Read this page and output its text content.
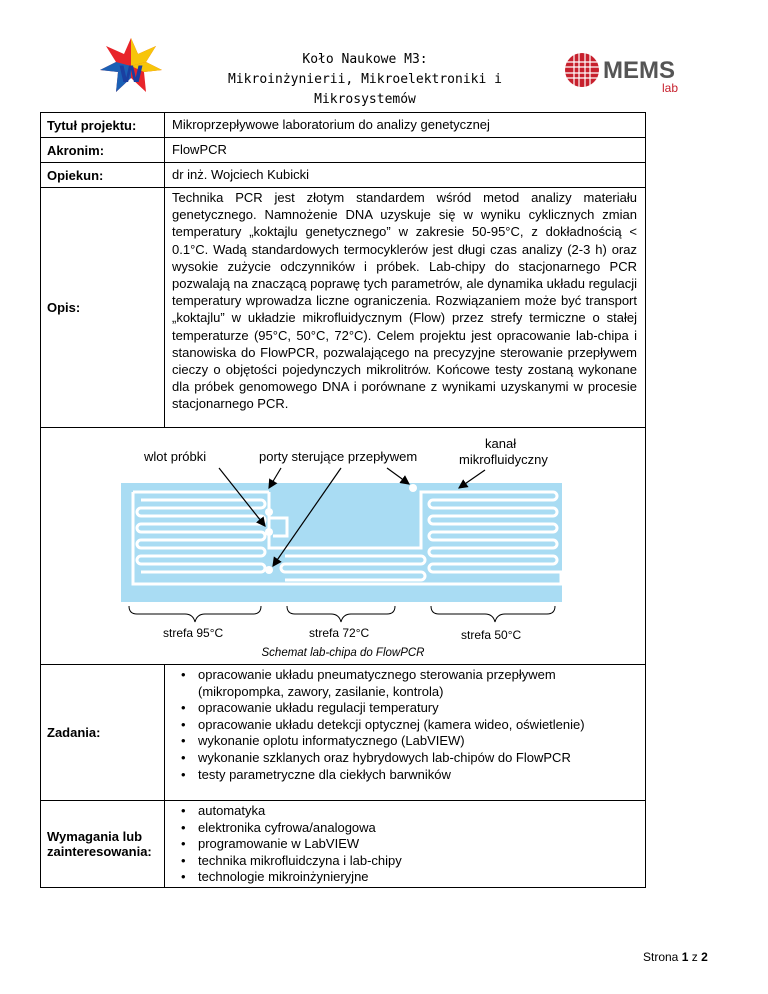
W
Koło Naukowe M3:
Mikroinżynierii, Mikroelektroniki i Mikrosystemów
MEMS
lab
Tytuł projektu:	Mikroprzepływowe laboratorium do analizy genetycznej
Akronim:	FlowPCR
Opiekun:	dr inż. Wojciech Kubicki
Opis:
Technika PCR jest złotym standardem wśród metod analizy materiału genetycznego. Namnożenie DNA uzyskuje się w wyniku cyklicznych zmian temperatury „koktajlu genetycznego” w zakresie 50-95°C, z dokładnością < 0.1°C. Wadą standardowych termocyklerów jest długi czas analizy (2-3 h) oraz wysokie zużycie odczynników i próbek. Lab-chipy do stacjonarnego PCR pozwalają na znaczącą poprawę tych parametrów, ale dynamika układu regulacji temperatury wprowadza liczne ograniczenia. Rozwiązaniem może być transport „koktajlu” w układzie mikrofluidycznym (Flow) przez strefy termiczne o stałej temperaturze (95°C, 50°C, 72°C). Celem projektu jest opracowanie lab-chipa i stanowiska do FlowPCR, pozwalającego na precyzyjne sterowanie przepływem cieczy o objętości pojedynczych mikrolitrów. Końcowe testy zostaną wykonane dla próbek genomowego DNA i porównane z wynikami uzyskanymi w procesie stacjonarnego PCR.
wlot próbki	porty sterujące przepływem
kanał
mikrofluidyczny
strefa 95°C	strefa 72°C	strefa 50°C
Schemat lab-chipa do FlowPCR
Zadania:
• opracowanie układu pneumatycznego sterowania przepływem (mikropompka, zawory, zasilanie, kontrola)
• opracowanie układu regulacji temperatury
• opracowanie układu detekcji optycznej (kamera wideo, oświetlenie)
• wykonanie oplotu informatycznego (LabVIEW)
• wykonanie szklanych oraz hybrydowych lab-chipów do FlowPCR
• testy parametryczne dla ciekłych barwników
Wymagania lub
zainteresowania:
• automatyka
• elektronika cyfrowa/analogowa
• programowanie w LabVIEW
• technika mikrofluidczyna i lab-chipy
• technologie mikroinżynieryjne
Strona 1 z 2
